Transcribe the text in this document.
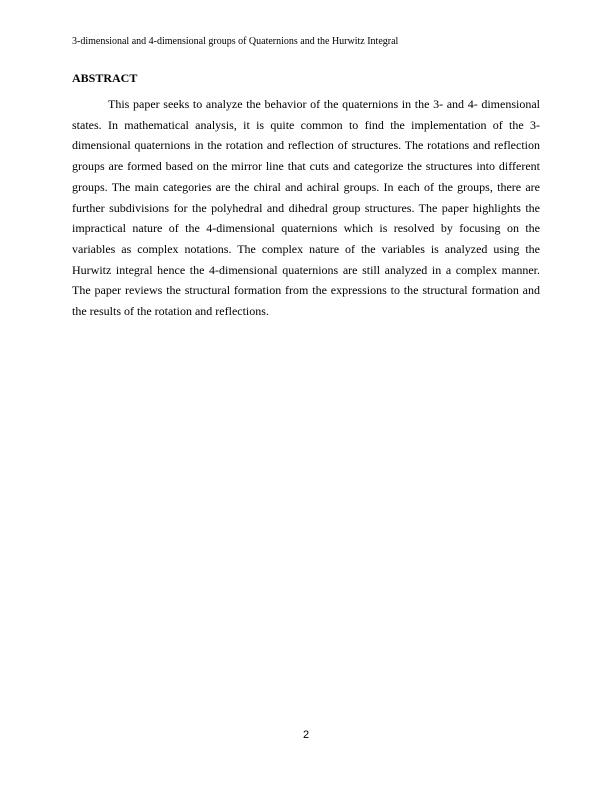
3-dimensional and 4-dimensional groups of Quaternions and the Hurwitz Integral
ABSTRACT

This paper seeks to analyze the behavior of the quaternions in the 3- and 4- dimensional states. In mathematical analysis, it is quite common to find the implementation of the 3-dimensional quaternions in the rotation and reflection of structures. The rotations and reflection groups are formed based on the mirror line that cuts and categorize the structures into different groups. The main categories are the chiral and achiral groups. In each of the groups, there are further subdivisions for the polyhedral and dihedral group structures. The paper highlights the impractical nature of the 4-dimensional quaternions which is resolved by focusing on the variables as complex notations. The complex nature of the variables is analyzed using the Hurwitz integral hence the 4-dimensional quaternions are still analyzed in a complex manner. The paper reviews the structural formation from the expressions to the structural formation and the results of the rotation and reflections.

2
